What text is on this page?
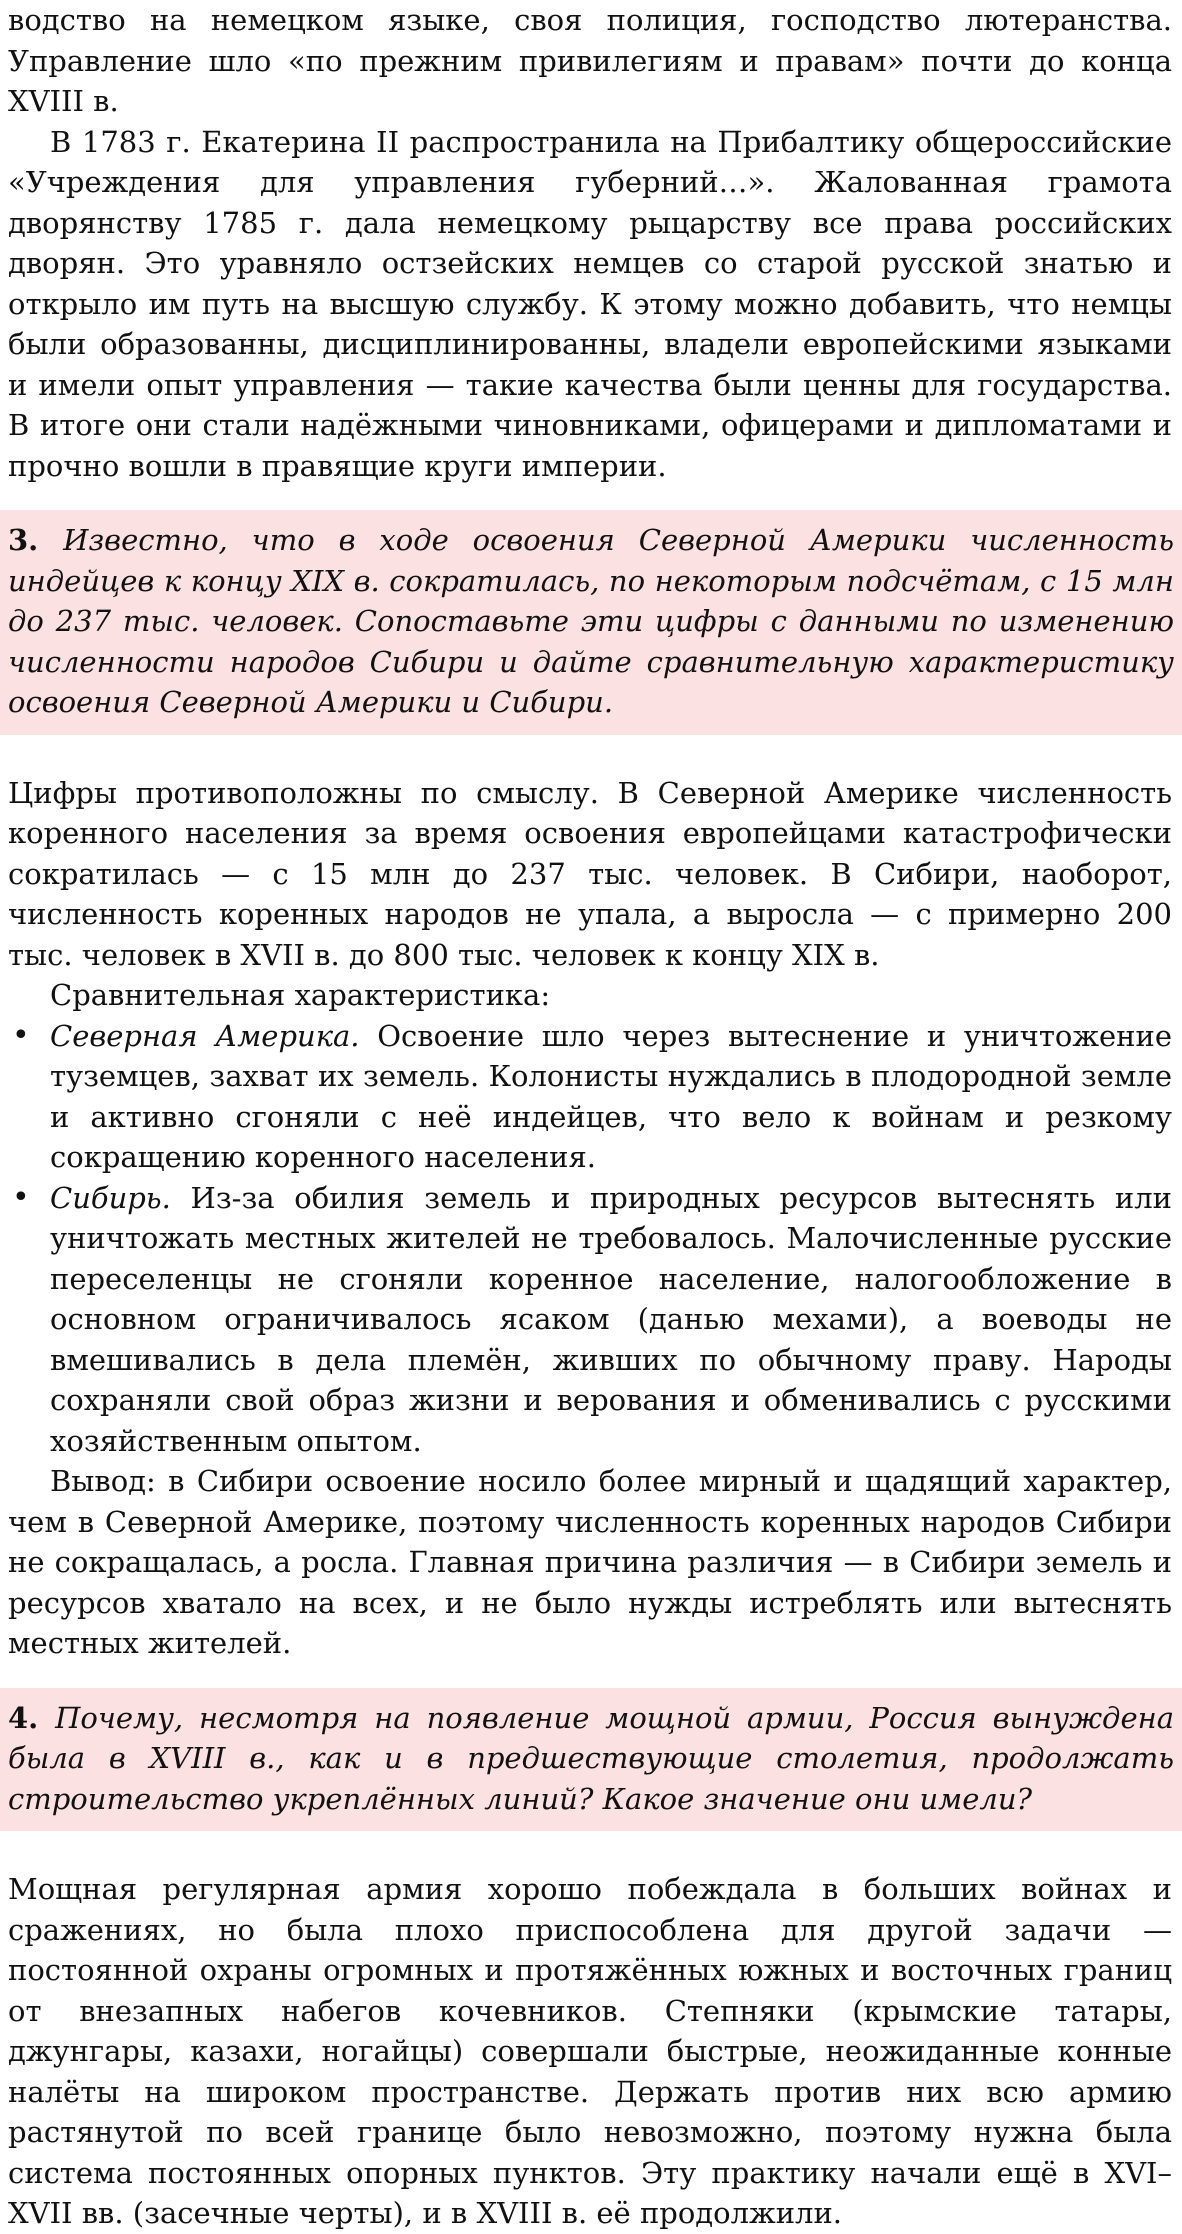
водство на немецком языке, своя полиция, господство лютеранства. Управление шло «по прежним привилегиям и правам» почти до конца XVIII в.

В 1783 г. Екатерина II распространила на Прибалтику общероссийские «Учреждения для управления губерний…». Жалованная грамота дворянству 1785 г. дала немецкому рыцарству все права российских дворян. Это уравняло остзейских немцев со старой русской знатью и открыло им путь на высшую службу. К этому можно добавить, что немцы были образованны, дисциплинированны, владели европейскими языками и имели опыт управления — такие качества были ценны для государства. В итоге они стали надёжными чиновниками, офицерами и дипломатами и прочно вошли в правящие круги империи.

3. Известно, что в ходе освоения Северной Америки численность индейцев к концу XIX в. сократилась, по некоторым подсчётам, с 15 млн до 237 тыс. человек. Сопоставьте эти цифры с данными по изменению численности народов Сибири и дайте сравнительную характеристику освоения Северной Америки и Сибири.

Цифры противоположны по смыслу. В Северной Америке численность коренного населения за время освоения европейцами катастрофически сократилась — с 15 млн до 237 тыс. человек. В Сибири, наоборот, численность коренных народов не упала, а выросла — с примерно 200 тыс. человек в XVII в. до 800 тыс. человек к концу XIX в.

Сравнительная характеристика:

• Северная Америка. Освоение шло через вытеснение и уничтожение туземцев, захват их земель. Колонисты нуждались в плодородной земле и активно сгоняли с неё индейцев, что вело к войнам и резкому сокращению коренного населения.
• Сибирь. Из-за обилия земель и природных ресурсов вытеснять или уничтожать местных жителей не требовалось. Малочисленные русские переселенцы не сгоняли коренное население, налогообложение в основном ограничивалось ясаком (данью мехами), а воеводы не вмешивались в дела племён, живших по обычному праву. Народы сохраняли свой образ жизни и верования и обменивались с русскими хозяйственным опытом.

Вывод: в Сибири освоение носило более мирный и щадящий характер, чем в Северной Америке, поэтому численность коренных народов Сибири не сокращалась, а росла. Главная причина различия — в Сибири земель и ресурсов хватало на всех, и не было нужды истреблять или вытеснять местных жителей.

4. Почему, несмотря на появление мощной армии, Россия вынуждена была в XVIII в., как и в предшествующие столетия, продолжать строительство укреплённых линий? Какое значение они имели?

Мощная регулярная армия хорошо побеждала в больших войнах и сражениях, но была плохо приспособлена для другой задачи — постоянной охраны огромных и протяжённых южных и восточных границ от внезапных набегов кочевников. Степняки (крымские татары, джунгары, казахи, ногайцы) совершали быстрые, неожиданные конные налёты на широком пространстве. Держать против них всю армию растянутой по всей границе было невозможно, поэтому нужна была система постоянных опорных пунктов. Эту практику начали ещё в XVI–XVII вв. (засечные черты), и в XVIII в. её продолжили.
